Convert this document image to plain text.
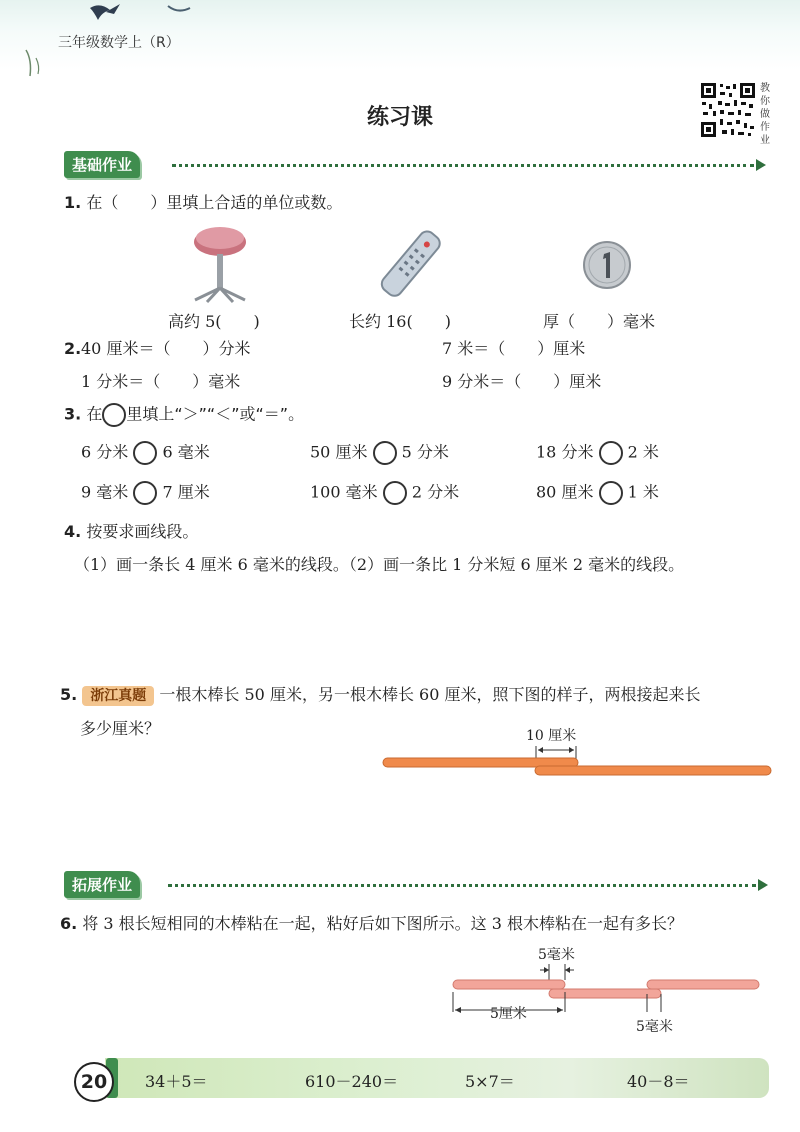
三年级数学上（R）
练习课
教你做作业
基础作业
1. 在（　　）里填上合适的单位或数。
高约 5(　　)	长约 16(　　)	厚（　　）毫米
2. 40 厘米＝（　　）分米	7 米＝（　　）厘米
1 分米＝（　　）毫米	9 分米＝（　　）厘米
3. 在 里填上“＞”“＜”或“＝”。
6 分米 6 毫米	50 厘米 5 分米	18 分米 2 米
9 毫米 7 厘米	100 毫米 2 分米	80 厘米 1 米
4. 按要求画线段。
（1）画一条长 4 厘米 6 毫米的线段。（2）画一条比 1 分米短 6 厘米 2 毫米的线段。
5. 浙江真题 一根木棒长 50 厘米，另一根木棒长 60 厘米，照下图的样子，两根接起来长
多少厘米？	10 厘米
拓展作业
6. 将 3 根长短相同的木棒粘在一起，粘好后如下图所示。这 3 根木棒粘在一起有多长？
5毫米
5厘米
5毫米
20	34＋5＝	610－240＝	5×7＝	40－8＝
